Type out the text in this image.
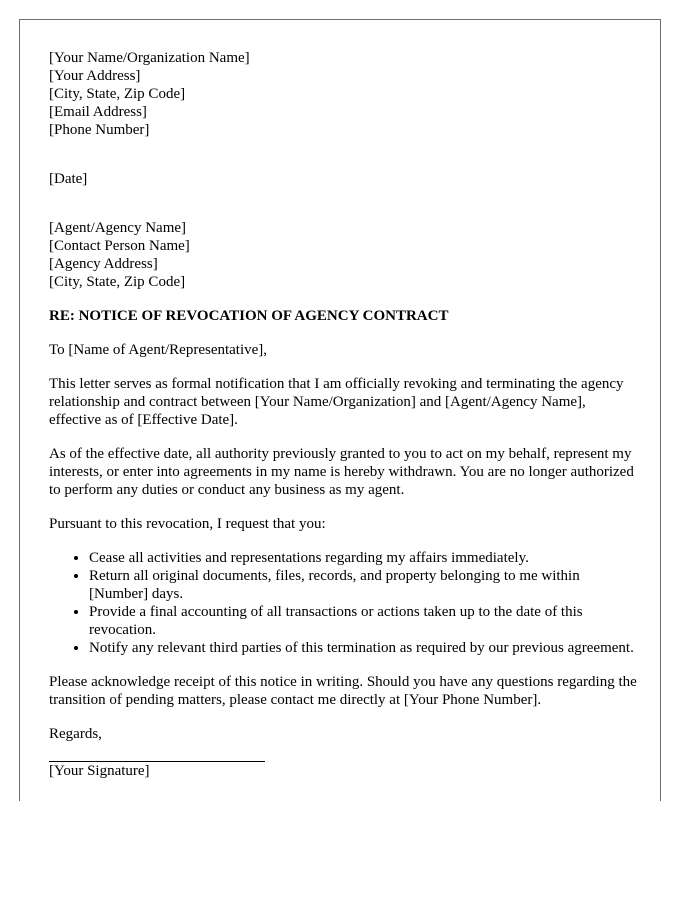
[Your Name/Organization Name]

[Your Address]

[City, State, Zip Code]

[Email Address]

[Phone Number]

[Date]

[Agent/Agency Name]

[Contact Person Name]

[Agency Address]

[City, State, Zip Code]

RE: NOTICE OF REVOCATION OF AGENCY CONTRACT

To [Name of Agent/Representative],

This letter serves as formal notification that I am officially revoking and terminating the agency relationship and contract between [Your Name/Organization] and [Agent/Agency Name], effective as of [Effective Date].

As of the effective date, all authority previously granted to you to act on my behalf, represent my interests, or enter into agreements in my name is hereby withdrawn. You are no longer authorized to perform any duties or conduct any business as my agent.

Pursuant to this revocation, I request that you:

• Cease all activities and representations regarding my affairs immediately.
• Return all original documents, files, records, and property belonging to me within [Number] days.
• Provide a final accounting of all transactions or actions taken up to the date of this revocation.
• Notify any relevant third parties of this termination as required by our previous agreement.

Please acknowledge receipt of this notice in writing. Should you have any questions regarding the transition of pending matters, please contact me directly at [Your Phone Number].

Regards,

[Your Signature]
